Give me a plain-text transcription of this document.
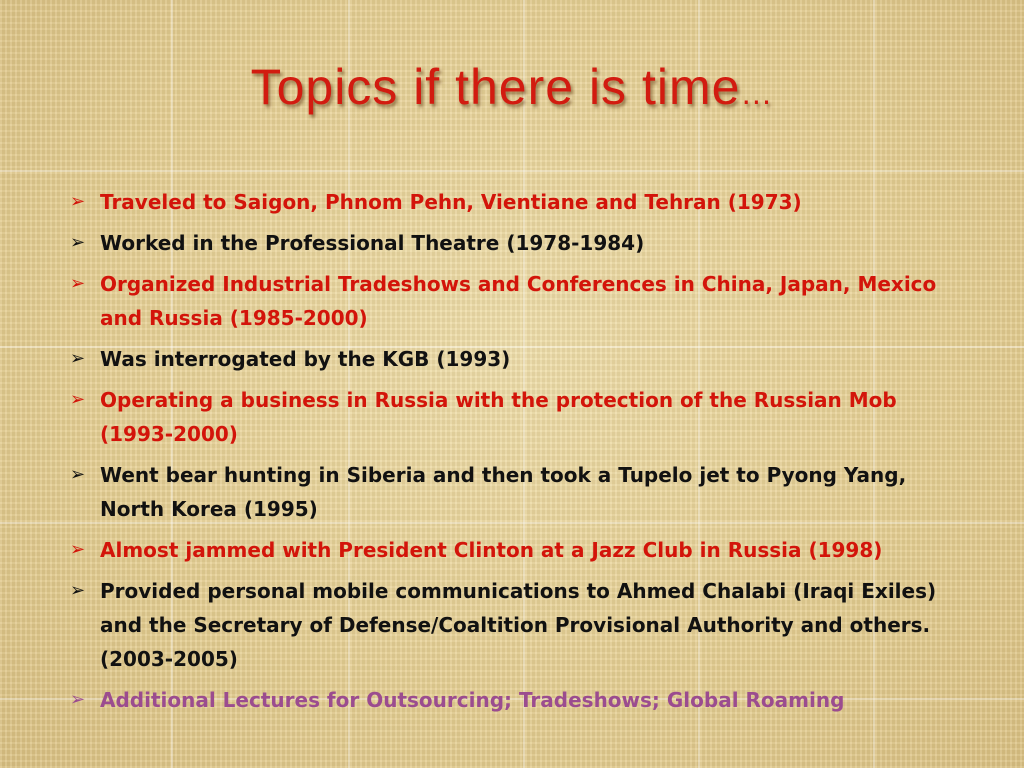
Topics if there is time…
➢ Traveled to Saigon, Phnom Pehn, Vientiane and Tehran (1973)
➢ Worked in the Professional Theatre (1978-1984)
➢ Organized Industrial Tradeshows and Conferences in China, Japan, Mexico and Russia (1985-2000)
➢ Was interrogated by the KGB (1993)
➢ Operating a business in Russia with the protection of the Russian Mob (1993-2000)
➢ Went bear hunting in Siberia and then took a Tupelo jet to Pyong Yang, North Korea (1995)
➢ Almost jammed with President Clinton at a Jazz Club in Russia (1998)
➢ Provided personal mobile communications to Ahmed Chalabi (Iraqi Exiles) and the Secretary of Defense/Coaltition Provisional Authority and others. (2003-2005)
➢ Additional Lectures for Outsourcing; Tradeshows; Global Roaming
